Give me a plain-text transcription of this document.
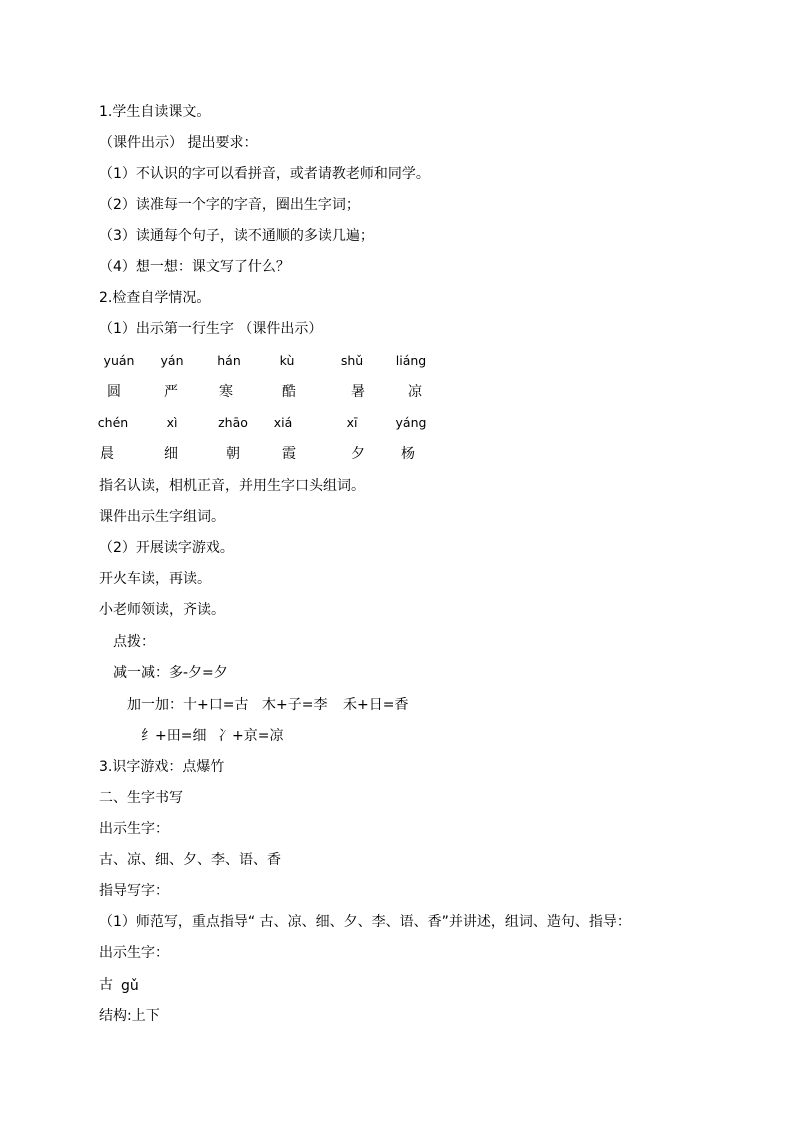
1.学生自读课文。
（课件出示） 提出要求：
（1）不认识的字可以看拼音，或者请教老师和同学。
（2）读准每一个字的字音，圈出生字词；
（3）读通每个句子，读不通顺的多读几遍；
（4）想一想：课文写了什么？
2.检查自学情况。
（1）出示第一行生字 （课件出示）
yuán yán	hán	kù	shǔ	liáng
圆	严	寒	酷	暑	凉
chén	xì	zhāo xiá	xī	yáng
晨	细	朝	霞	夕	杨
指名认读，相机正音，并用生字口头组词。
课件出示生字组词。
（2）开展读字游戏。
开火车读，再读。
小老师领读，齐读。
点拨：
减一减：多-夕=夕
加一加：十+口=古 木+子=李 禾+日=香
纟+田=细 冫+京=凉
3.识字游戏：点爆竹
二、生字书写
出示生字：
古、凉、细、夕、李、语、香
指导写字：
（1）师范写，重点指导“ 古、凉、细、夕、李、语、香”并讲述，组词、造句、指导：
出示生字：
古 gǔ
结构:上下
